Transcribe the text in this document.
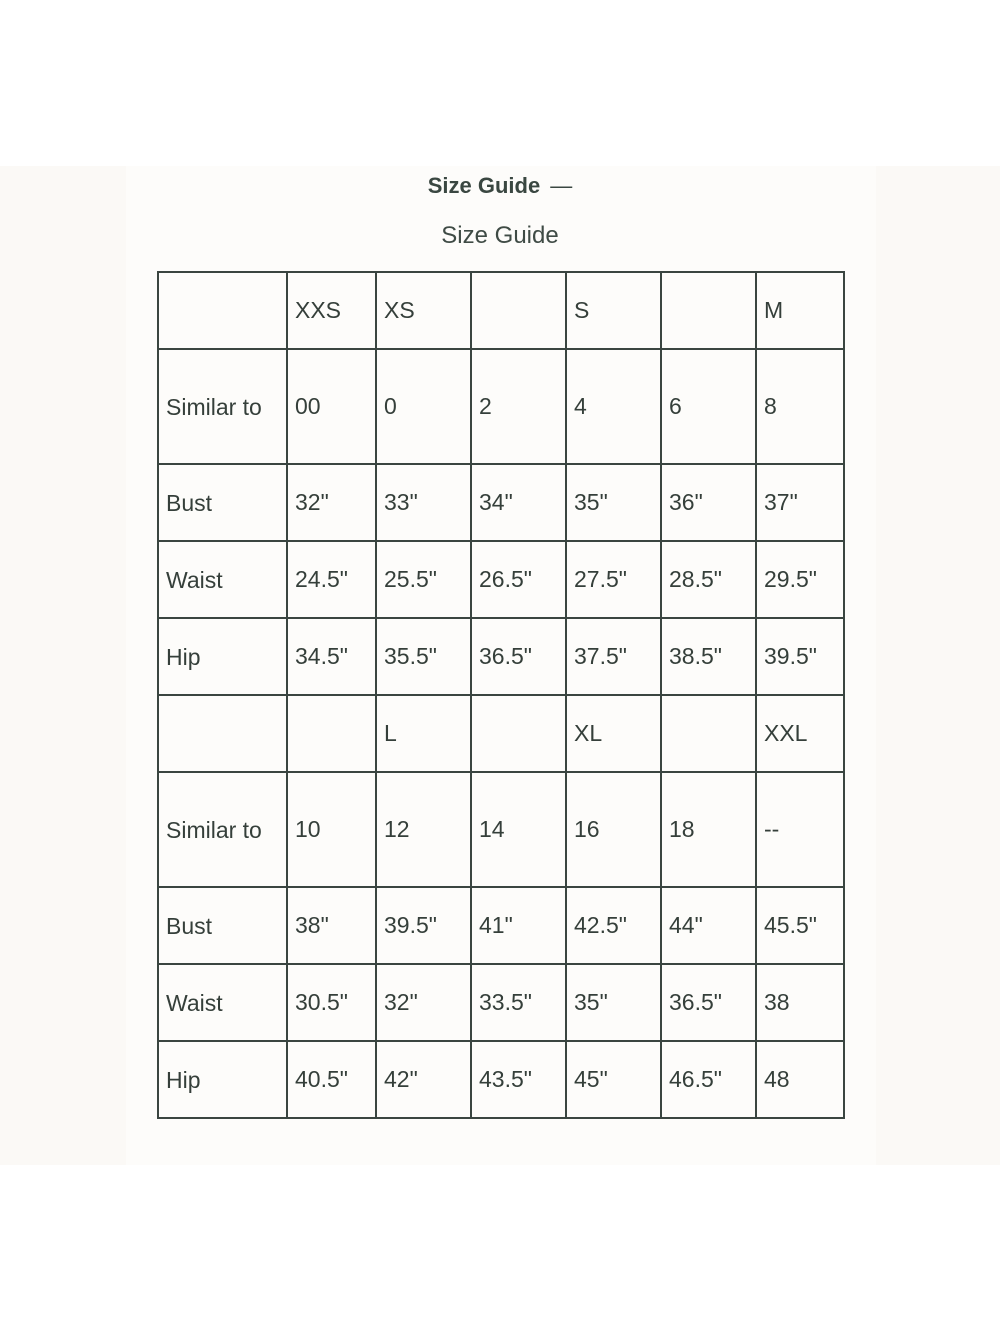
Size Guide —
Size Guide
	XXS	XS		S		M
Similar to	00	0	2	4	6	8
Bust	32"	33"	34"	35"	36"	37"
Waist	24.5"	25.5"	26.5"	27.5"	28.5"	29.5"
Hip	34.5"	35.5"	36.5"	37.5"	38.5"	39.5"
		L		XL		XXL
Similar to	10	12	14	16	18	--
Bust	38"	39.5"	41"	42.5"	44"	45.5"
Waist	30.5"	32"	33.5"	35"	36.5"	38
Hip	40.5"	42"	43.5"	45"	46.5"	48
